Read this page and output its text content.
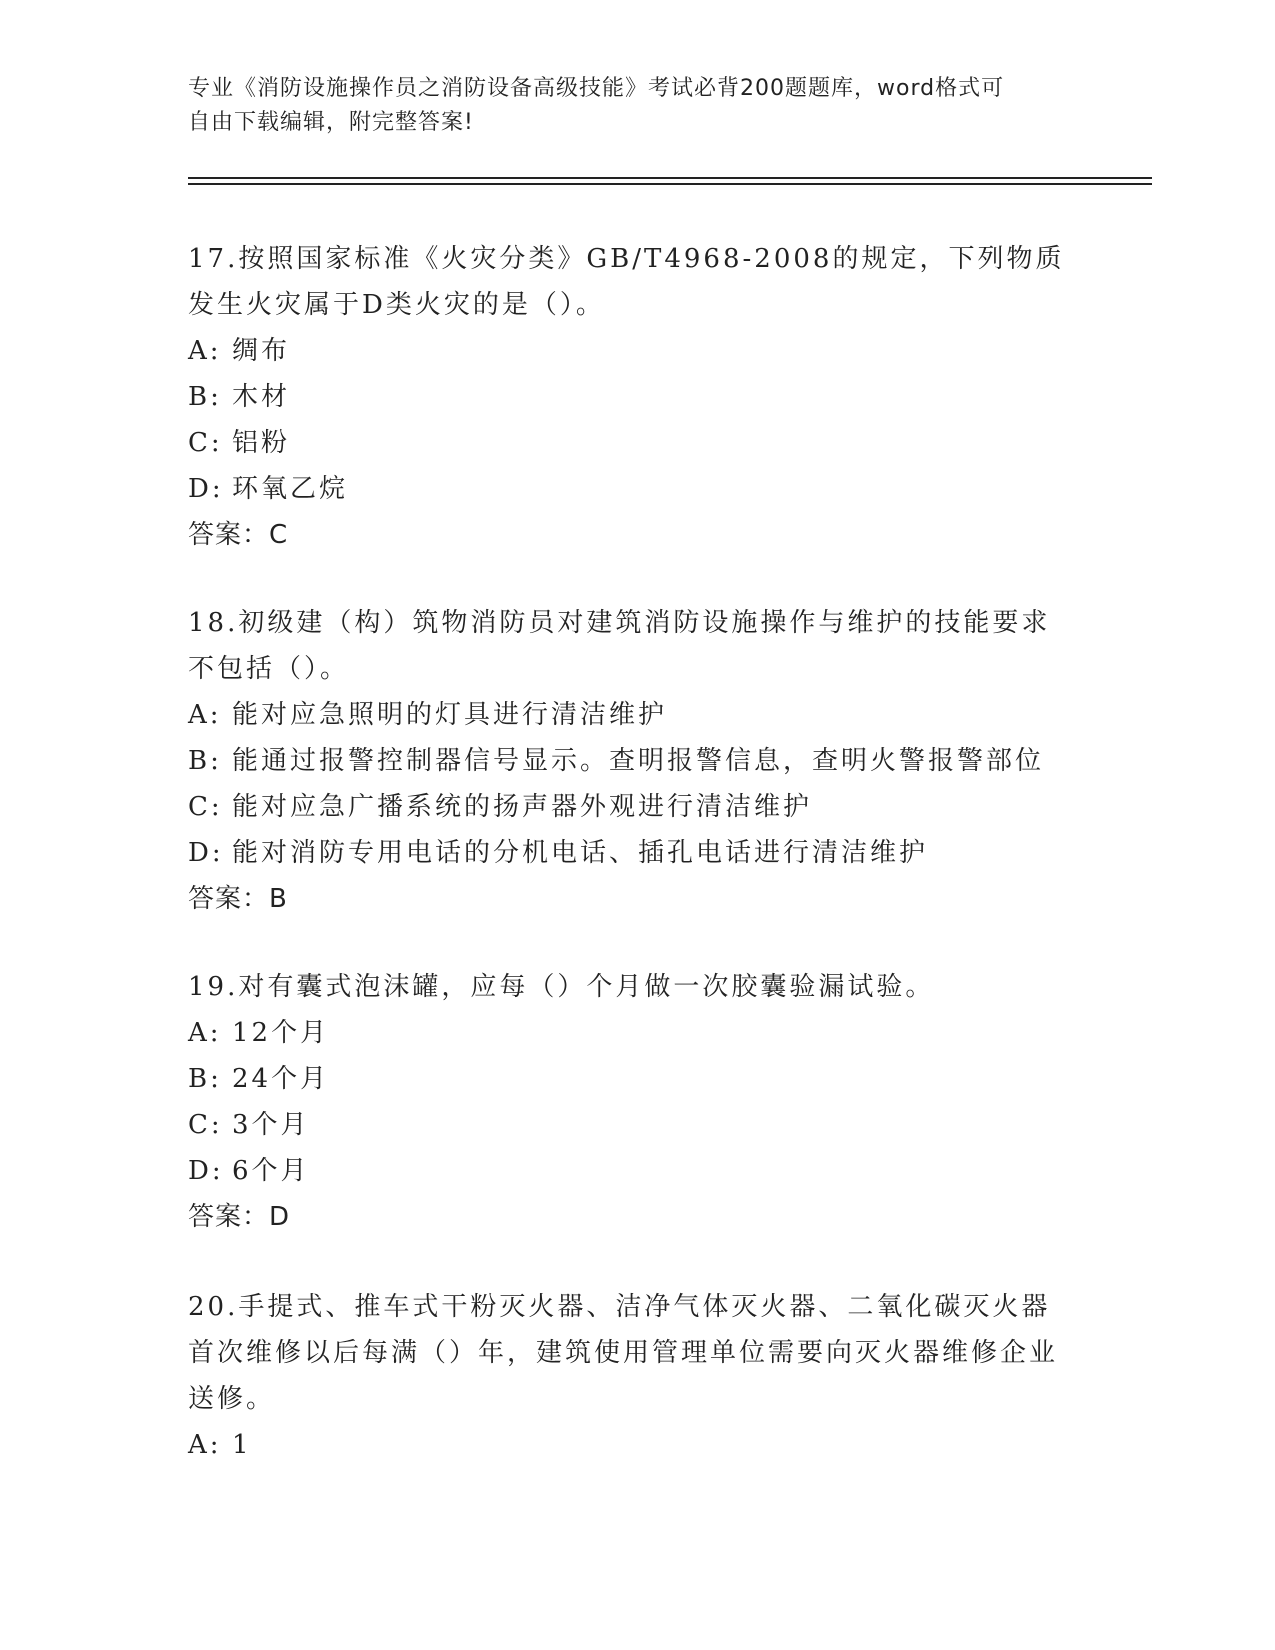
专业《消防设施操作员之消防设备高级技能》考试必背200题题库，word格式可
自由下载编辑，附完整答案!

17.按照国家标准《火灾分类》GB/T4968-2008的规定，下列物质发生火灾属于D类火灾的是（）。

A: 绸布

B: 木材

C: 铝粉

D: 环氧乙烷

答案：C

18.初级建（构）筑物消防员对建筑消防设施操作与维护的技能要求不包括（）。

A: 能对应急照明的灯具进行清洁维护

B: 能通过报警控制器信号显示。查明报警信息，查明火警报警部位

C: 能对应急广播系统的扬声器外观进行清洁维护

D: 能对消防专用电话的分机电话、插孔电话进行清洁维护

答案：B

19.对有囊式泡沫罐，应每（）个月做一次胶囊验漏试验。

A: 12个月

B: 24个月

C: 3个月

D: 6个月

答案：D

20.手提式、推车式干粉灭火器、洁净气体灭火器、二氧化碳灭火器首次维修以后每满（）年，建筑使用管理单位需要向灭火器维修企业送修。

A: 1
